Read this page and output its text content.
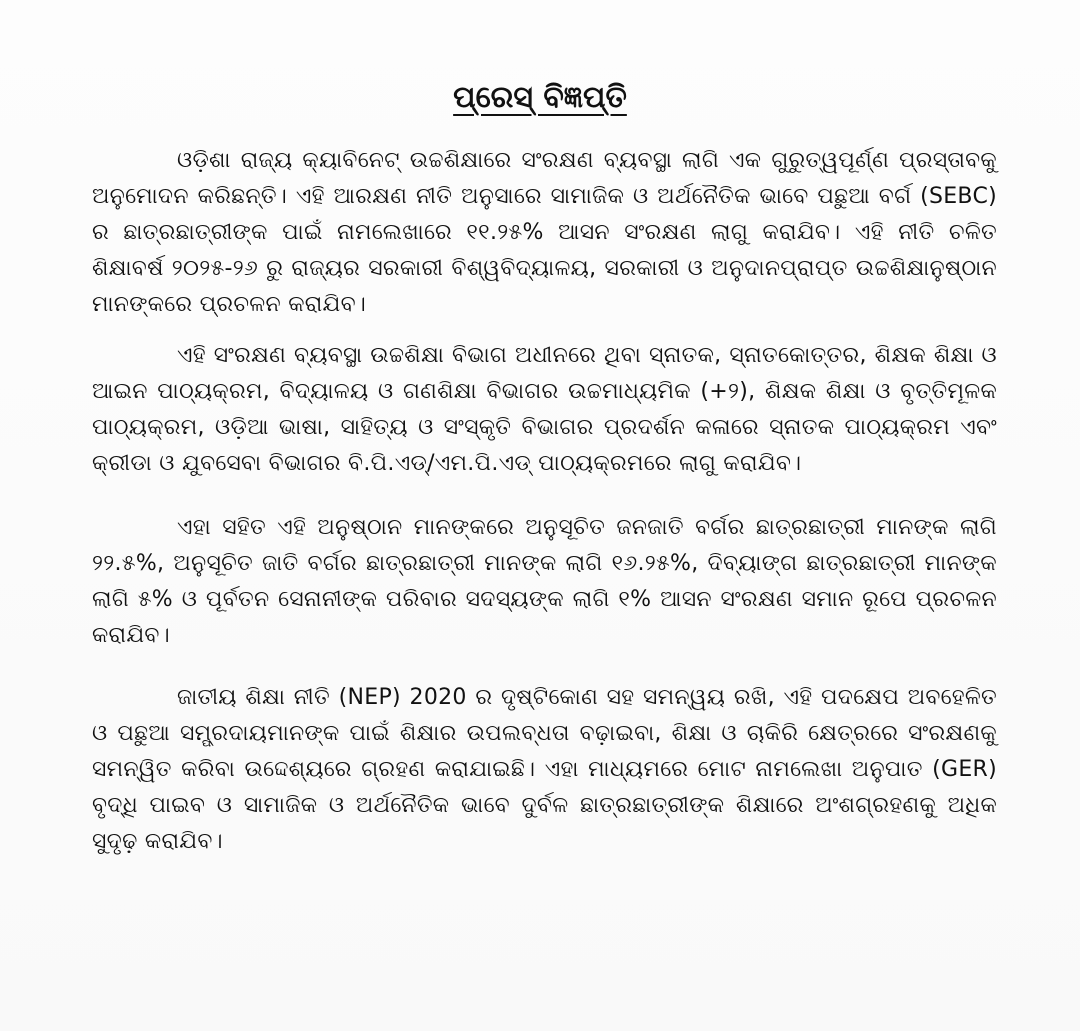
ପ୍ରେସ୍ ବିଜ୍ଞପ୍ତି

ଓଡ଼ିଶା ରାଜ୍ୟ କ୍ୟାବିନେଟ୍ ଉଚ୍ଚଶିକ୍ଷାରେ ସଂରକ୍ଷଣ ବ୍ୟବସ୍ଥା ଲାଗି ଏକ ଗୁରୁତ୍ୱପୂର୍ଣ୍ଣ ପ୍ରସ୍ତାବକୁ ଅନୁମୋଦନ କରିଛନ୍ତି। ଏହି ଆରକ୍ଷଣ ନୀତି ଅନୁସାରେ ସାମାଜିକ ଓ ଅର୍ଥନୈତିକ ଭାବେ ପଛୁଆ ବର୍ଗ (SEBC) ର ଛାତ୍ରଛାତ୍ରୀଙ୍କ ପାଇଁ ନାମଲେଖାରେ ୧୧.୨୫% ଆସନ ସଂରକ୍ଷଣ ଲାଗୁ କରାଯିବ। ଏହି ନୀତି ଚଳିତ ଶିକ୍ଷାବର୍ଷ ୨୦୨୫-୨୬ ରୁ ରାଜ୍ୟର ସରକାରୀ ବିଶ୍ୱବିଦ୍ୟାଳୟ, ସରକାରୀ ଓ ଅନୁଦାନପ୍ରାପ୍ତ ଉଚ୍ଚଶିକ୍ଷାନୁଷ୍ଠାନ ମାନଙ୍କରେ ପ୍ରଚଳନ କରାଯିବ।

ଏହି ସଂରକ୍ଷଣ ବ୍ୟବସ୍ଥା ଉଚ୍ଚଶିକ୍ଷା ବିଭାଗ ଅଧୀନରେ ଥିବା ସ୍ନାତକ, ସ୍ନାତକୋତ୍ତର, ଶିକ୍ଷକ ଶିକ୍ଷା ଓ ଆଇନ ପାଠ୍ୟକ୍ରମ, ବିଦ୍ୟାଳୟ ଓ ଗଣଶିକ୍ଷା ବିଭାଗର ଉଚ୍ଚମାଧ୍ୟମିକ (+୨), ଶିକ୍ଷକ ଶିକ୍ଷା ଓ ବୃତ୍ତିମୂଳକ ପାଠ୍ୟକ୍ରମ, ଓଡ଼ିଆ ଭାଷା, ସାହିତ୍ୟ ଓ ସଂସ୍କୃତି ବିଭାଗର ପ୍ରଦର୍ଶନ କଳାରେ ସ୍ନାତକ ପାଠ୍ୟକ୍ରମ ଏବଂ କ୍ରୀଡା ଓ ଯୁବସେବା ବିଭାଗର ବି.ପି.ଏଡ୍/ଏମ.ପି.ଏଡ୍ ପାଠ୍ୟକ୍ରମରେ ଲାଗୁ କରାଯିବ।

ଏହା ସହିତ ଏହି ଅନୁଷ୍ଠାନ ମାନଙ୍କରେ ଅନୁସୂଚିତ ଜନଜାତି ବର୍ଗର ଛାତ୍ରଛାତ୍ରୀ ମାନଙ୍କ ଲାଗି ୨୨.୫%, ଅନୁସୂଚିତ ଜାତି ବର୍ଗର ଛାତ୍ରଛାତ୍ରୀ ମାନଙ୍କ ଲାଗି ୧୬.୨୫%, ଦିବ୍ୟାଙ୍ଗ ଛାତ୍ରଛାତ୍ରୀ ମାନଙ୍କ ଲାଗି ୫% ଓ ପୂର୍ବତନ ସେନାନୀଙ୍କ ପରିବାର ସଦସ୍ୟଙ୍କ ଲାଗି ୧% ଆସନ ସଂରକ୍ଷଣ ସମାନ ରୂପେ ପ୍ରଚଳନ କରାଯିବ।

ଜାତୀୟ ଶିକ୍ଷା ନୀତି (NEP) 2020 ର ଦୃଷ୍ଟିକୋଣ ସହ ସମନ୍ୱୟ ରଖି, ଏହି ପଦକ୍ଷେପ ଅବହେଳିତ ଓ ପଛୁଆ ସମ୍ପ୍ରଦାୟମାନଙ୍କ ପାଇଁ ଶିକ୍ଷାର ଉପଲବ୍ଧତା ବଢ଼ାଇବା, ଶିକ୍ଷା ଓ ଚାକିରି କ୍ଷେତ୍ରରେ ସଂରକ୍ଷଣକୁ ସମନ୍ୱିତ କରିବା ଉଦ୍ଦେଶ୍ୟରେ ଗ୍ରହଣ କରାଯାଇଛି। ଏହା ମାଧ୍ୟମରେ ମୋଟ ନାମଲେଖା ଅନୁପାତ (GER) ବୃଦ୍ଧି ପାଇବ ଓ ସାମାଜିକ ଓ ଅର୍ଥନୈତିକ ଭାବେ ଦୁର୍ବଳ ଛାତ୍ରଛାତ୍ରୀଙ୍କ ଶିକ୍ଷାରେ ଅଂଶଗ୍ରହଣକୁ ଅଧିକ ସୁଦୃଢ଼ କରାଯିବ।
